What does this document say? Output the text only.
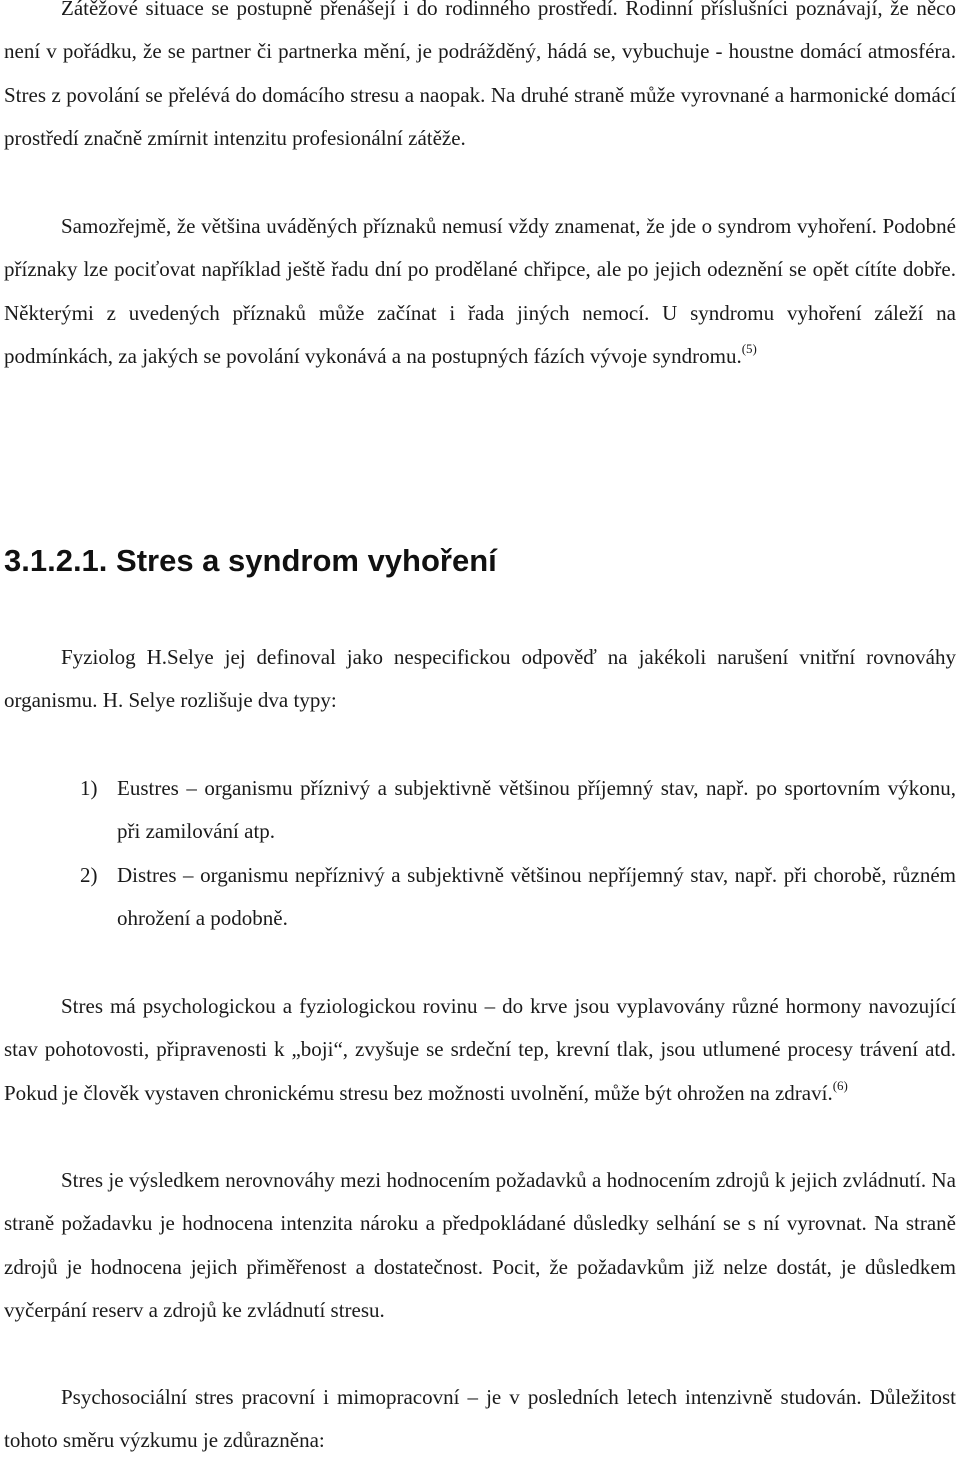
Zátěžové situace se postupně přenášejí i do rodinného prostředí. Rodinní příslušníci poznávají, že něco není v pořádku, že se partner či partnerka mění, je podrážděný, hádá se, vybuchuje - houstne domácí atmosféra. Stres z povolání se přelévá do domácího stresu a naopak. Na druhé straně může vyrovnané a harmonické domácí prostředí značně zmírnit intenzitu profesionální zátěže.

Samozřejmě, že většina uváděných příznaků nemusí vždy znamenat, že jde o syndrom vyhoření. Podobné příznaky lze pociťovat například ještě řadu dní po prodělané chřipce, ale po jejich odeznění se opět cítíte dobře. Některými z uvedených příznaků může začínat i řada jiných nemocí. U syndromu vyhoření záleží na podmínkách, za jakých se povolání vykonává a na postupných fázích vývoje syndromu.$^{(5)}$

3.1.2.1. Stres a syndrom vyhoření

Fyziolog H.Selye jej definoval jako nespecifickou odpověď na jakékoli narušení vnitřní rovnováhy organismu. H. Selye rozlišuje dva typy:

1) Eustres – organismu příznivý a subjektivně většinou příjemný stav, např. po sportovním výkonu, při zamilování atp.
2) Distres – organismu nepříznivý a subjektivně většinou nepříjemný stav, např. při chorobě, různém ohrožení a podobně.

Stres má psychologickou a fyziologickou rovinu – do krve jsou vyplavovány různé hormony navozující stav pohotovosti, připravenosti k „boji“, zvyšuje se srdeční tep, krevní tlak, jsou utlumené procesy trávení atd. Pokud je člověk vystaven chronickému stresu bez možnosti uvolnění, může být ohrožen na zdraví.$^{(6)}$

Stres je výsledkem nerovnováhy mezi hodnocením požadavků a hodnocením zdrojů k jejich zvládnutí. Na straně požadavku je hodnocena intenzita nároku a předpokládané důsledky selhání se s ní vyrovnat. Na straně zdrojů je hodnocena jejich přiměřenost a dostatečnost. Pocit, že požadavkům již nelze dostát, je důsledkem vyčerpání reserv a zdrojů ke zvládnutí stresu.

Psychosociální stres pracovní i mimopracovní – je v posledních letech intenzivně studován. Důležitost tohoto směru výzkumu je zdůrazněna:
